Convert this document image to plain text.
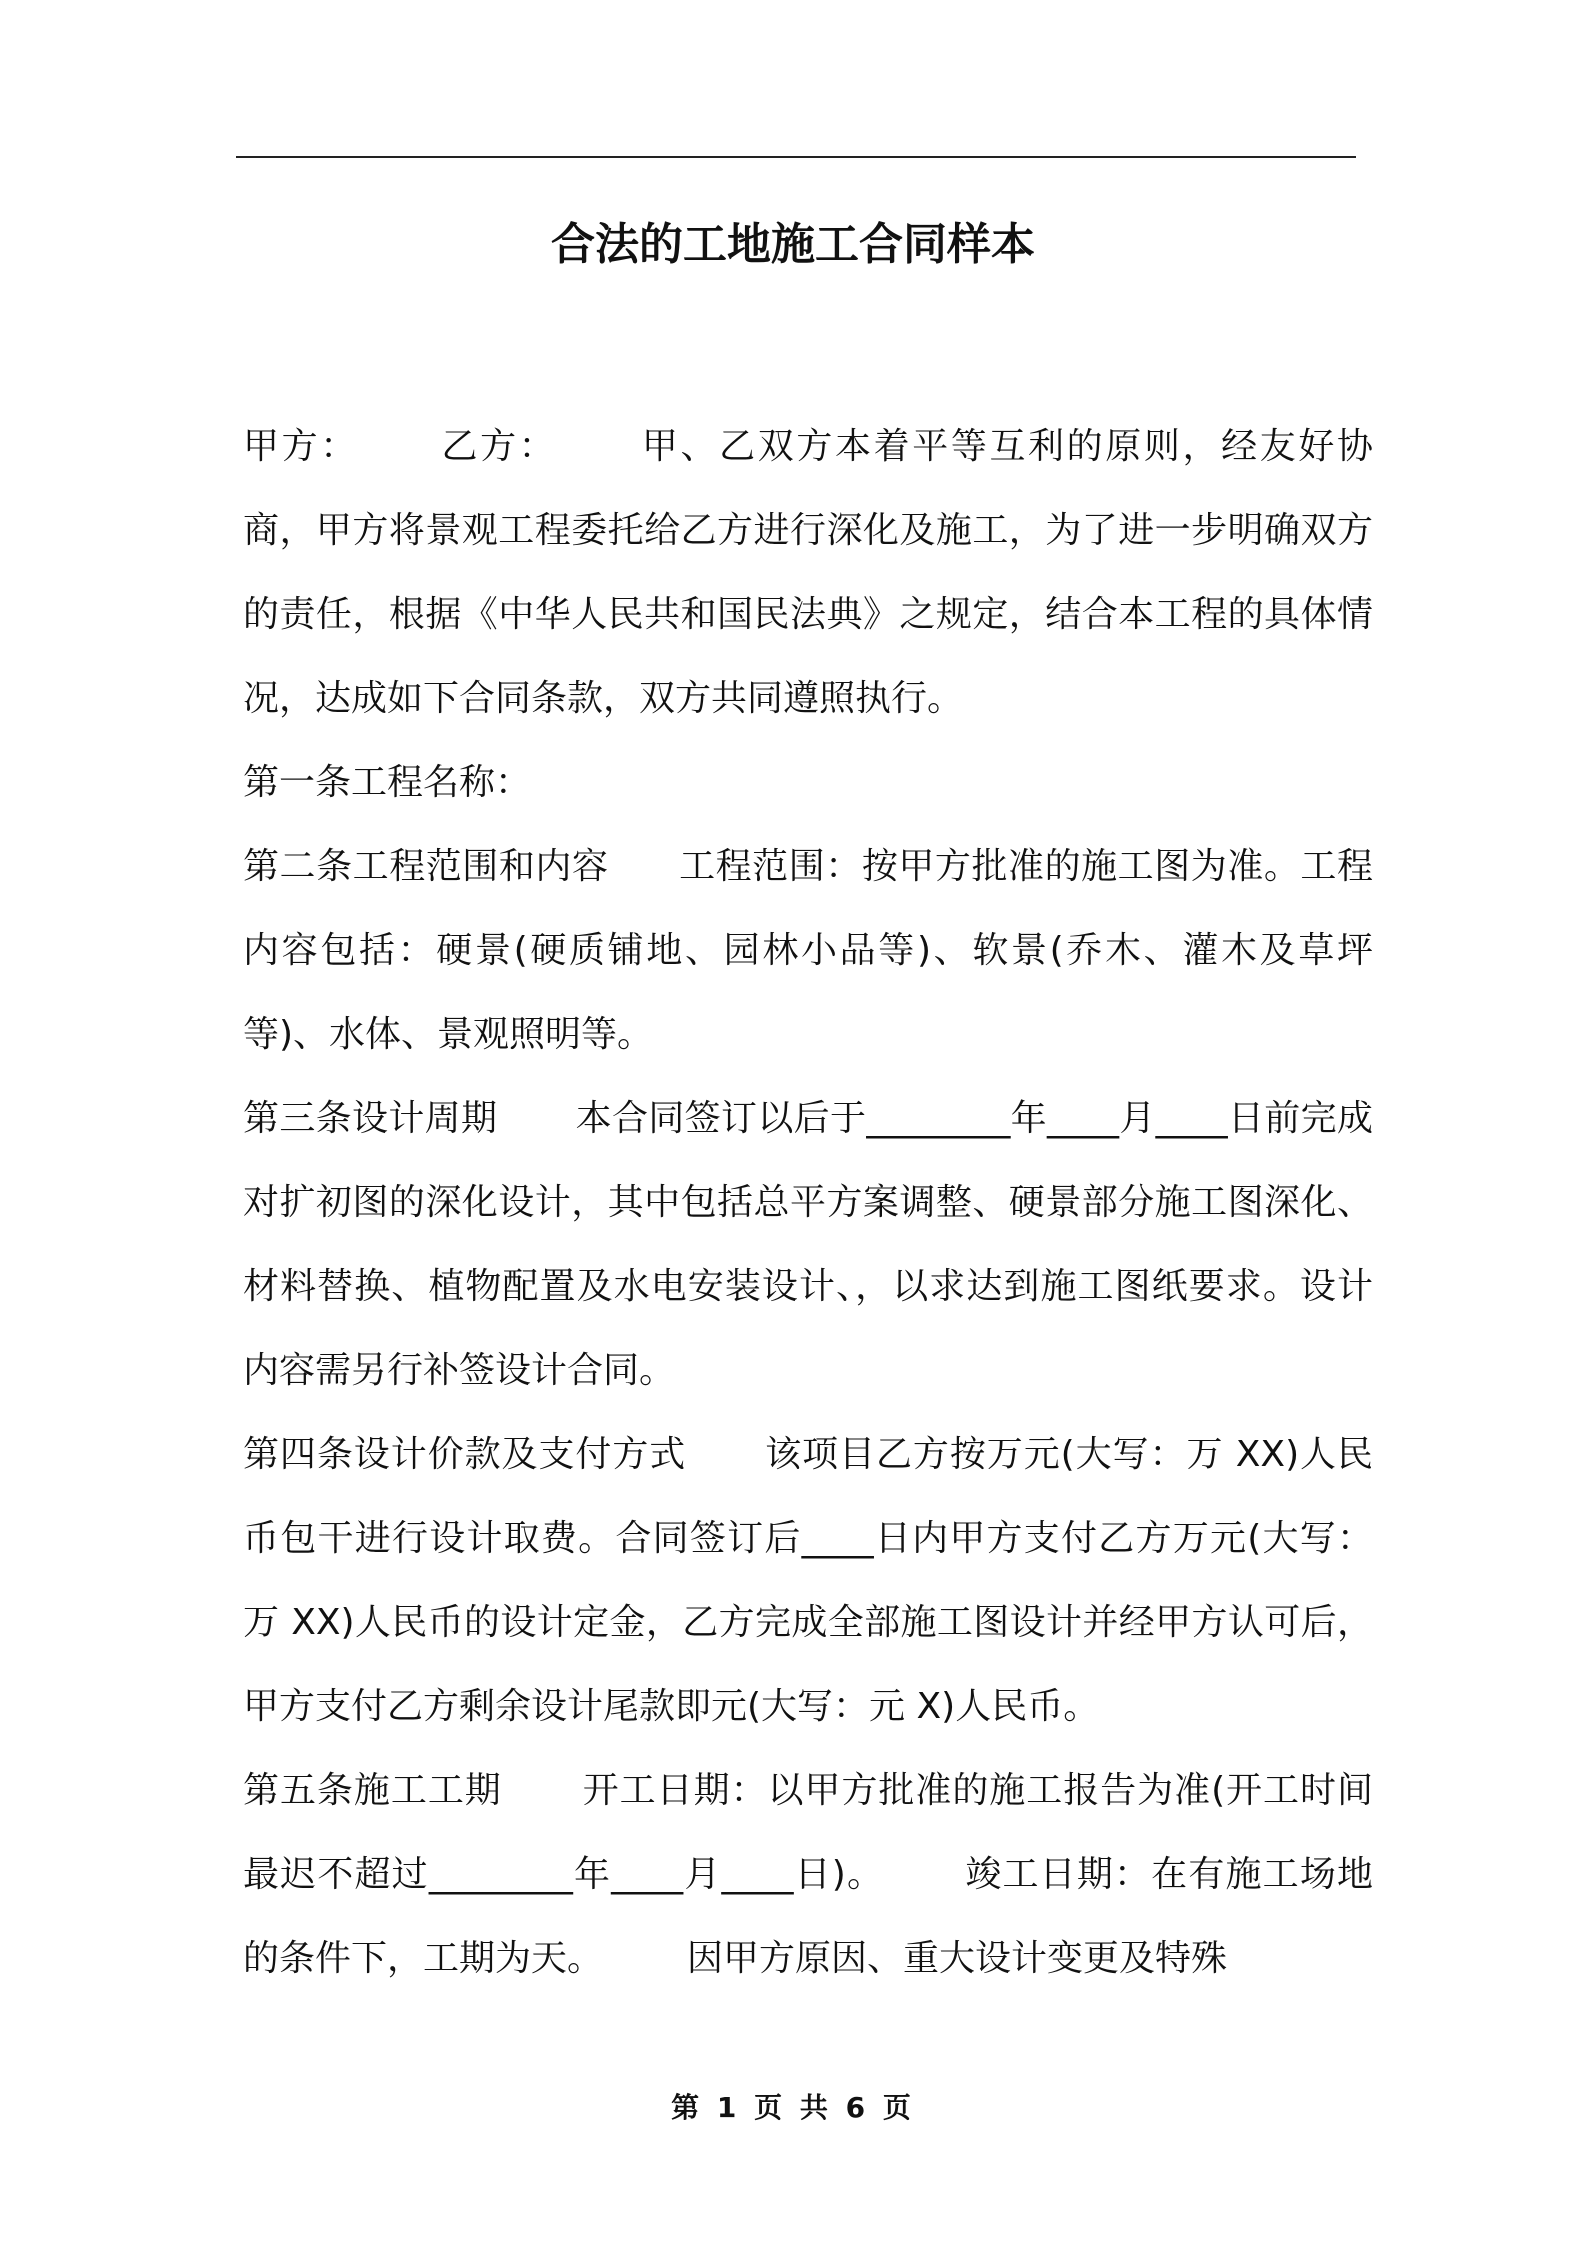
合法的工地施工合同样本

甲方： 乙方： 甲、乙双方本着平等互利的原则，经友好协商，甲方将景观工程委托给乙方进行深化及施工，为了进一步明确双方的责任，根据《中华人民共和国民法典》之规定，结合本工程的具体情况，达成如下合同条款，双方共同遵照执行。

第一条工程名称：

第二条工程范围和内容 工程范围：按甲方批准的施工图为准。工程内容包括：硬景(硬质铺地、园林小品等)、软景(乔木、灌木及草坪等)、水体、景观照明等。

第三条设计周期 本合同签订以后于________年____月____日前完成对扩初图的深化设计，其中包括总平方案调整、硬景部分施工图深化、材料替换、植物配置及水电安装设计、，以求达到施工图纸要求。设计内容需另行补签设计合同。

第四条设计价款及支付方式 该项目乙方按万元(大写：万 XX)人民币包干进行设计取费。合同签订后____日内甲方支付乙方万元(大写：万 XX)人民币的设计定金，乙方完成全部施工图设计并经甲方认可后，甲方支付乙方剩余设计尾款即元(大写：元 X)人民币。

第五条施工工期 开工日期：以甲方批准的施工报告为准(开工时间最迟不超过________年____月____日)。 竣工日期：在有施工场地的条件下，工期为天。 因甲方原因、重大设计变更及特殊

第 1 页 共 6 页
